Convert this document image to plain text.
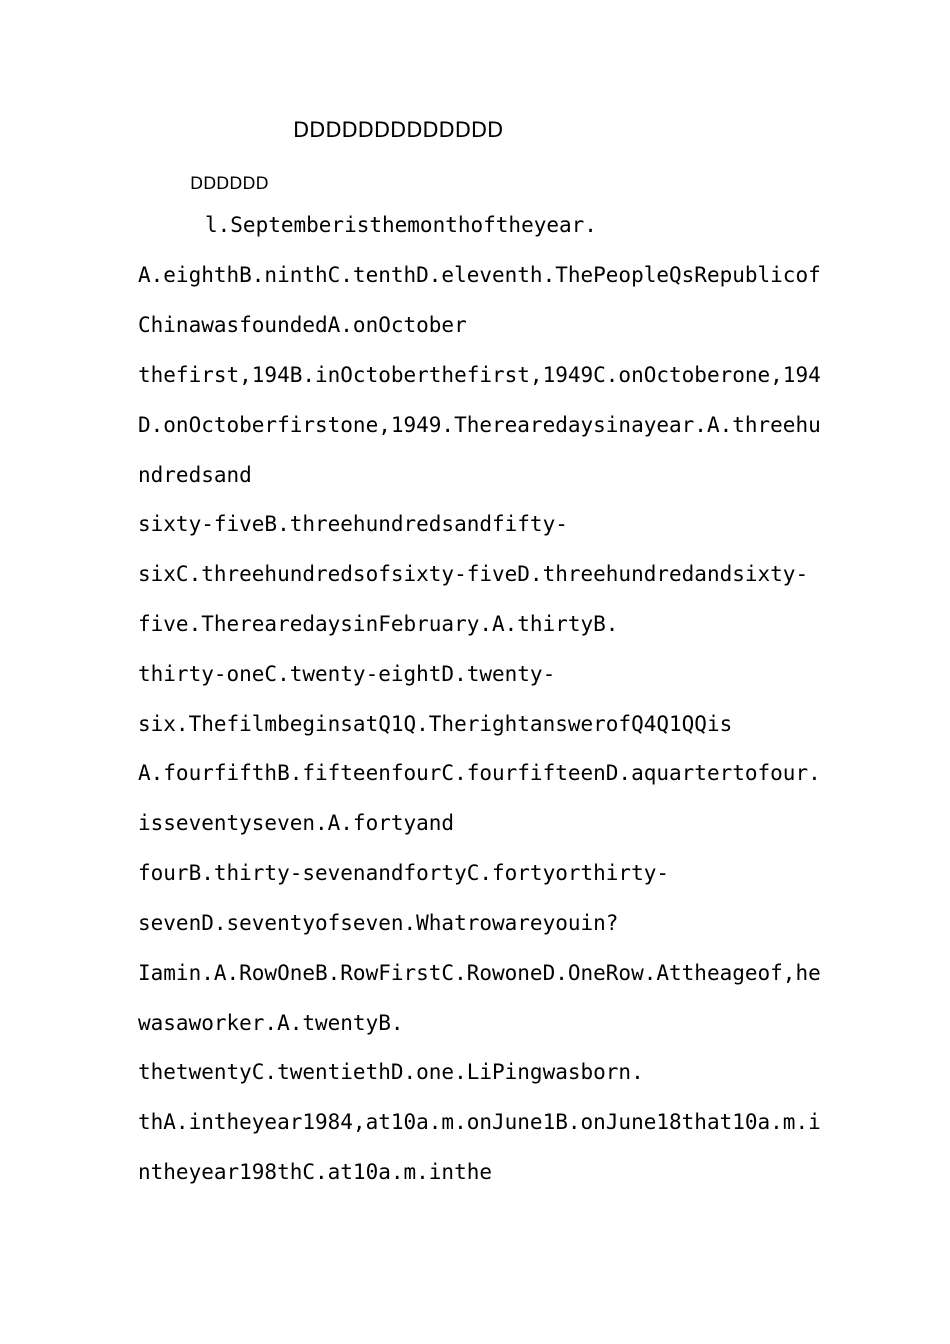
DDDDDDDDDDDDD
DDDDDD
l.Septemberisthemonthoftheyear.
A.eighthB.ninthC.tenthD.eleventh.ThePeopleQsRepublicof
ChinawasfoundedA.onOctober
thefirst,194B.inOctoberthefirst,1949C.onOctoberone,194
D.onOctoberfirstone,1949.Therearedaysinayear.A.threehu
ndredsand
sixty-fiveB.threehundredsandfifty-
sixC.threehundredsofsixty-fiveD.threehundredandsixty-
five.TherearedaysinFebruary.A.thirtyB.
thirty-oneC.twenty-eightD.twenty-
six.ThefilmbeginsatQ1Q.TherightanswerofQ4Q1QQis
A.fourfifthB.fifteenfourC.fourfifteenD.aquartertofour.
isseventyseven.A.fortyand
fourB.thirty-sevenandfortyC.fortyorthirty-
sevenD.seventyofseven.Whatrowareyouin?
Iamin.A.RowOneB.RowFirstC.RowoneD.OneRow.Attheageof,he
wasaworker.A.twentyB.
thetwentyC.twentiethD.one.LiPingwasborn.
thA.intheyear1984,at10a.m.onJune1B.onJune18that10a.m.i
ntheyear198thC.at10a.m.inthe
